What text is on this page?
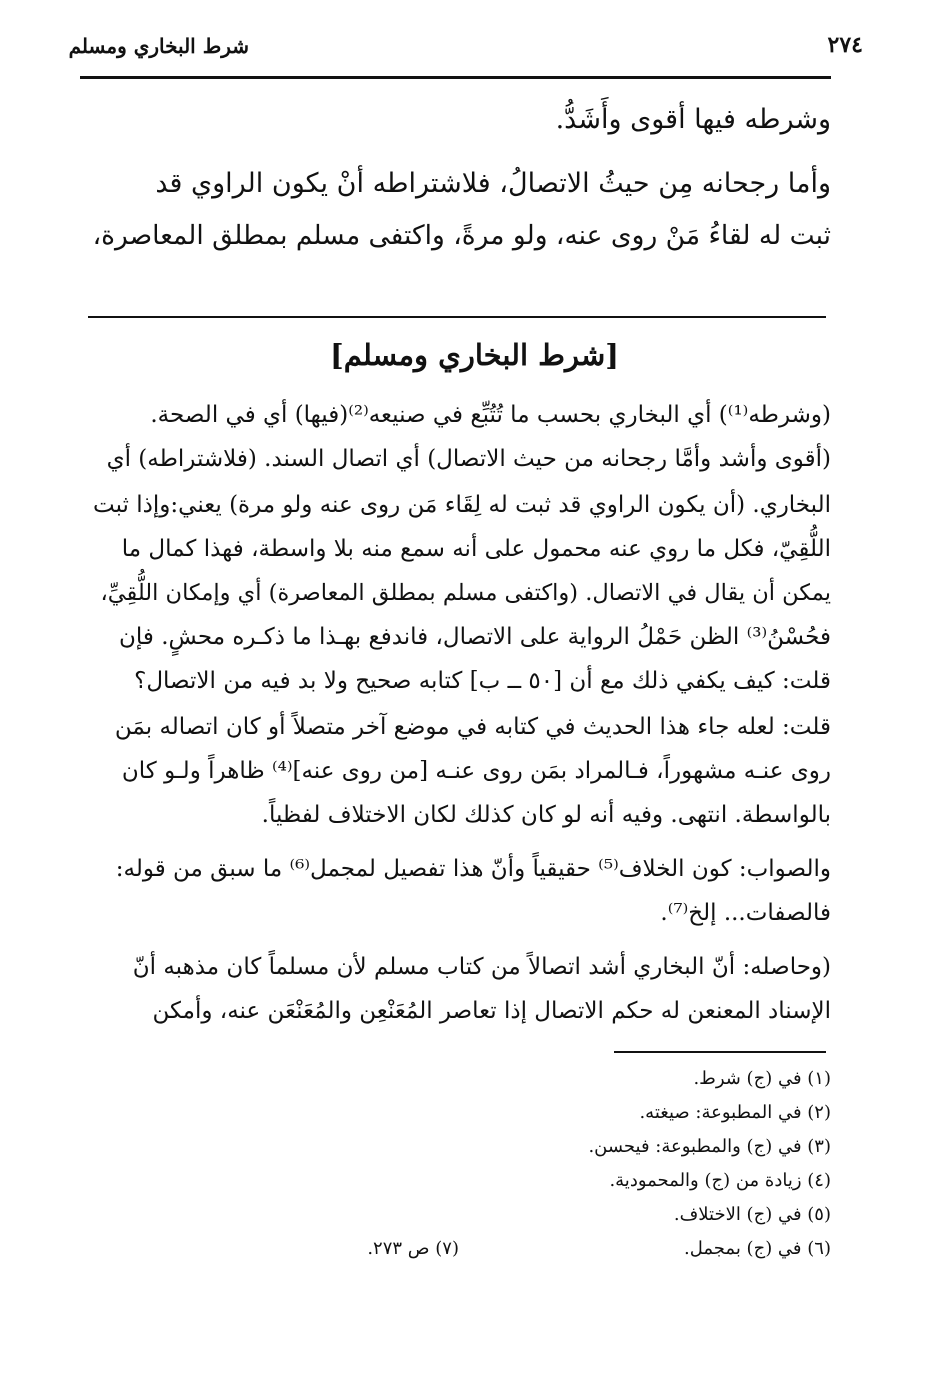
٢٧٤
شرط البخاري ومسلم
وشرطه فيها أقوى وأَشَدُّ.
وأما رجحانه مِن حيثُ الاتصالُ، فلاشتراطه أنْ يكون الراوي قد
ثبت له لقاءُ مَنْ روى عنه، ولو مرةً، واكتفى مسلم بمطلق المعاصرة،
[شرط البخاري ومسلم]
(وشرطه⁽¹⁾) أي البخاري بحسب ما تُتُبِّع في صنيعه⁽²⁾(فيها) أي في الصحة.
(أقوى وأشد وأمَّا رجحانه من حيث الاتصال) أي اتصال السند. (فلاشتراطه) أي
البخاري. (أن يكون الراوي قد ثبت له لِقَاء مَن روى عنه ولو مرة) يعني:وإذا ثبت
اللُّقِيّ، فكل ما روي عنه محمول على أنه سمع منه بلا واسطة، فهذا كمال ما
يمكن أن يقال في الاتصال. (واكتفى مسلم بمطلق المعاصرة) أي وإمكان اللُّقِيِّ،
فحُسْنُ⁽³⁾ الظن حَمْلُ الرواية على الاتصال، فاندفع بهـذا ما ذكـره محشٍ. فإن
قلت: كيف يكفي ذلك مع أن [٥٠ ــ ب] كتابه صحيح ولا بد فيه من الاتصال؟
قلت: لعله جاء هذا الحديث في كتابه في موضع آخر متصلاً أو كان اتصاله بمَن
روى عنـه مشهوراً، فـالمراد بمَن روى عنـه [من روى عنه]⁽⁴⁾ ظاهراً ولـو كان
بالواسطة. انتهى. وفيه أنه لو كان كذلك لكان الاختلاف لفظياً.
والصواب: كون الخلاف⁽⁵⁾ حقيقياً وأنّ هذا تفصيل لمجمل⁽⁶⁾ ما سبق من قوله:
فالصفات... إلخ⁽⁷⁾.
(وحاصله: أنّ البخاري أشد اتصالاً من كتاب مسلم لأن مسلماً كان مذهبه أنّ
الإسناد المعنعن له حكم الاتصال إذا تعاصر المُعَنْعِن والمُعَنْعَن عنه، وأمكن
(١) في (ج) شرط.
(٢) في المطبوعة: صيغته.
(٣) في (ج) والمطبوعة: فيحسن.
(٤) زيادة من (ج) والمحمودية.
(٥) في (ج) الاختلاف.
(٦) في (ج) بمجمل.
(٧) ص ٢٧٣.
